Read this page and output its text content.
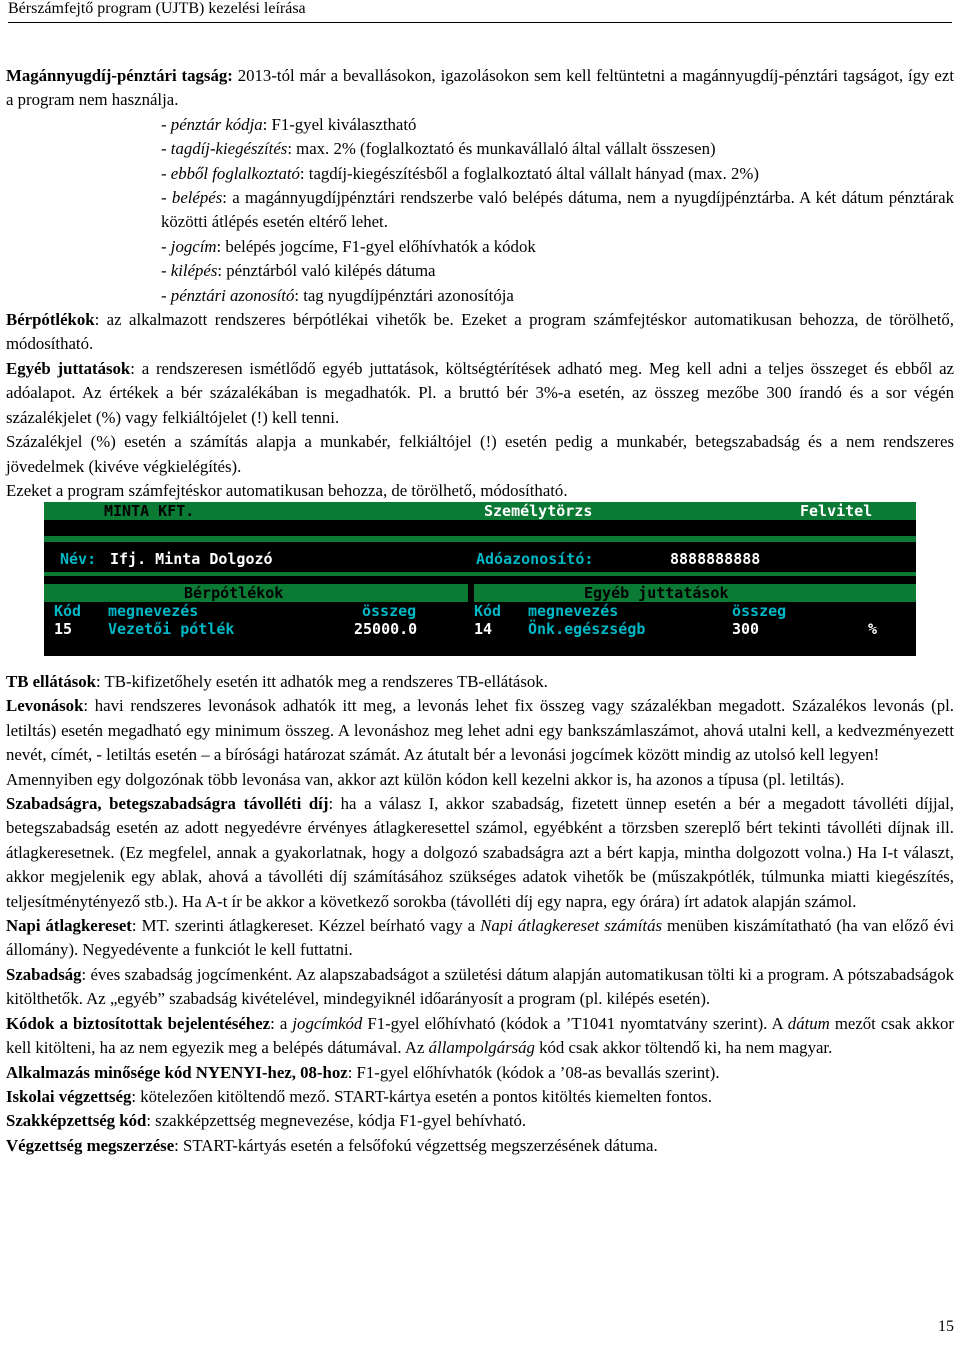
Bérszámfejtő program (UJTB) kezelési leírása

Magánnyugdíj-pénztári tagság: 2013-tól már a bevallásokon, igazolásokon sem kell feltüntetni a magánnyugdíj-pénztári tagságot, így ezt a program nem használja.

- pénztár kódja: F1-gyel kiválasztható

- tagdíj-kiegészítés: max. 2% (foglalkoztató és munkavállaló által vállalt összesen)

- ebből foglalkoztató: tagdíj-kiegészítésből a foglalkoztató által vállalt hányad (max. 2%)

- belépés: a magánnyugdíjpénztári rendszerbe való belépés dátuma, nem a nyugdíjpénztárba. A két dátum pénztárak közötti átlépés esetén eltérő lehet.

- jogcím: belépés jogcíme, F1-gyel előhívhatók a kódok

- kilépés: pénztárból való kilépés dátuma

- pénztári azonosító: tag nyugdíjpénztári azonosítója

Bérpótlékok: az alkalmazott rendszeres bérpótlékai vihetők be. Ezeket a program számfejtéskor automatikusan behozza, de törölhető, módosítható.

Egyéb juttatások: a rendszeresen ismétlődő egyéb juttatások, költségtérítések adható meg. Meg kell adni a teljes összeget és ebből az adóalapot. Az értékek a bér százalékában is megadhatók. Pl. a bruttó bér 3%-a esetén, az összeg mezőbe 300 írandó és a sor végén százalékjelet (%) vagy felkiáltójelet (!) kell tenni.

Százalékjel (%) esetén a számítás alapja a munkabér, felkiáltójel (!) esetén pedig a munkabér, betegszabadság és a nem rendszeres jövedelmek (kivéve végkielégítés).

Ezeket a program számfejtéskor automatikusan behozza, de törölhető, módosítható.

MINTA KFT.	Személytörzs	Felvitel
Név: Ifj. Minta Dolgozó	Adóazonosító:	8888888888
Bérpótlékok	Egyéb juttatások
Kód megnevezés	összeg	Kód megnevezés	összeg
15 Vezetői pótlék	25000.0	14 Önk.egészségb	300	%

TB ellátások: TB-kifizetőhely esetén itt adhatók meg a rendszeres TB-ellátások.

Levonások: havi rendszeres levonások adhatók itt meg, a levonás lehet fix összeg vagy százalékban megadott. Százalékos levonás (pl. letiltás) esetén megadható egy minimum összeg. A levonáshoz meg lehet adni egy bankszámlaszámot, ahová utalni kell, a kedvezményezett nevét, címét, - letiltás esetén – a bírósági határozat számát. Az átutalt bér a levonási jogcímek között mindig az utolsó kell legyen!

Amennyiben egy dolgozónak több levonása van, akkor azt külön kódon kell kezelni akkor is, ha azonos a típusa (pl. letiltás).

Szabadságra, betegszabadságra távolléti díj: ha a válasz I, akkor szabadság, fizetett ünnep esetén a bér a megadott távolléti díjjal, betegszabadság esetén az adott negyedévre érvényes átlagkeresettel számol, egyébként a törzsben szereplő bért tekinti távolléti díjnak ill. átlagkeresetnek. (Ez megfelel, annak a gyakorlatnak, hogy a dolgozó szabadságra azt a bért kapja, mintha dolgozott volna.) Ha I-t választ, akkor megjelenik egy ablak, ahová a távolléti díj számításához szükséges adatok vihetők be (műszakpótlék, túlmunka miatti kiegészítés, teljesítménytényező stb.). Ha A-t ír be akkor a következő sorokba (távolléti díj egy napra, egy órára) írt adatok alapján számol.

Napi átlagkereset: MT. szerinti átlagkereset. Kézzel beírható vagy a Napi átlagkereset számítás menüben kiszámítatható (ha van előző évi állomány). Negyedévente a funkciót le kell futtatni.

Szabadság: éves szabadság jogcímenként. Az alapszabadságot a születési dátum alapján automatikusan tölti ki a program. A pótszabadságok kitölthetők. Az „egyéb” szabadság kivételével, mindegyiknél időarányosít a program (pl. kilépés esetén).

Kódok a biztosítottak bejelentéséhez: a jogcímkód F1-gyel előhívható (kódok a ’T1041 nyomtatvány szerint). A dátum mezőt csak akkor kell kitölteni, ha az nem egyezik meg a belépés dátumával. Az állampolgárság kód csak akkor töltendő ki, ha nem magyar.

Alkalmazás minősége kód NYENYI-hez, 08-hoz: F1-gyel előhívhatók (kódok a ’08-as bevallás szerint).

Iskolai végzettség: kötelezően kitöltendő mező. START-kártya esetén a pontos kitöltés kiemelten fontos.

Szakképzettség kód: szakképzettség megnevezése, kódja F1-gyel behívható.

Végzettség megszerzése: START-kártyás esetén a felsőfokú végzettség megszerzésének dátuma.

15
